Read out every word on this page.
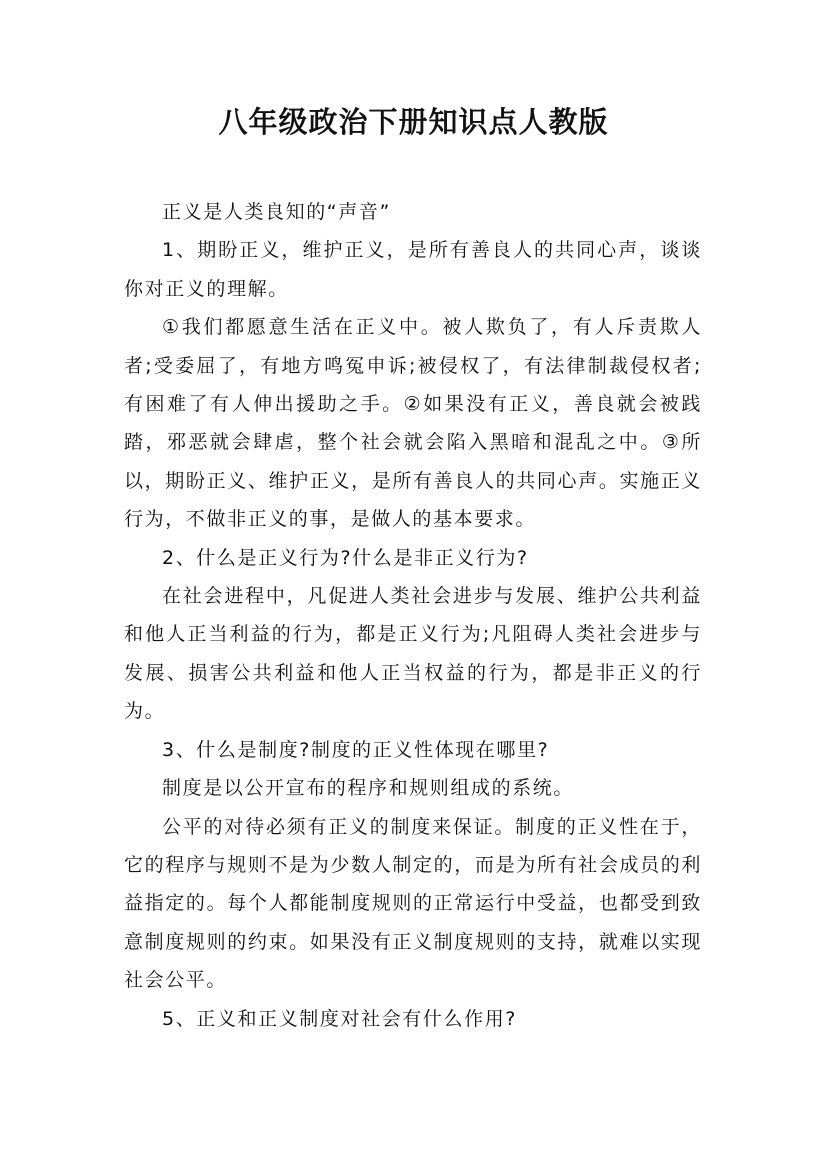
八年级政治下册知识点人教版

正义是人类良知的“声音”

1、期盼正义，维护正义，是所有善良人的共同心声，谈谈你对正义的理解。

①我们都愿意生活在正义中。被人欺负了，有人斥责欺人者;受委屈了，有地方鸣冤申诉;被侵权了，有法律制裁侵权者;有困难了有人伸出援助之手。②如果没有正义，善良就会被践踏，邪恶就会肆虐，整个社会就会陷入黑暗和混乱之中。③所以，期盼正义、维护正义，是所有善良人的共同心声。实施正义行为，不做非正义的事，是做人的基本要求。

2、什么是正义行为?什么是非正义行为?

在社会进程中，凡促进人类社会进步与发展、维护公共利益和他人正当利益的行为，都是正义行为;凡阻碍人类社会进步与发展、损害公共利益和他人正当权益的行为，都是非正义的行为。

3、什么是制度?制度的正义性体现在哪里?

制度是以公开宣布的程序和规则组成的系统。

公平的对待必须有正义的制度来保证。制度的正义性在于，它的程序与规则不是为少数人制定的，而是为所有社会成员的利益指定的。每个人都能制度规则的正常运行中受益，也都受到致意制度规则的约束。如果没有正义制度规则的支持，就难以实现社会公平。

5、正义和正义制度对社会有什么作用?
